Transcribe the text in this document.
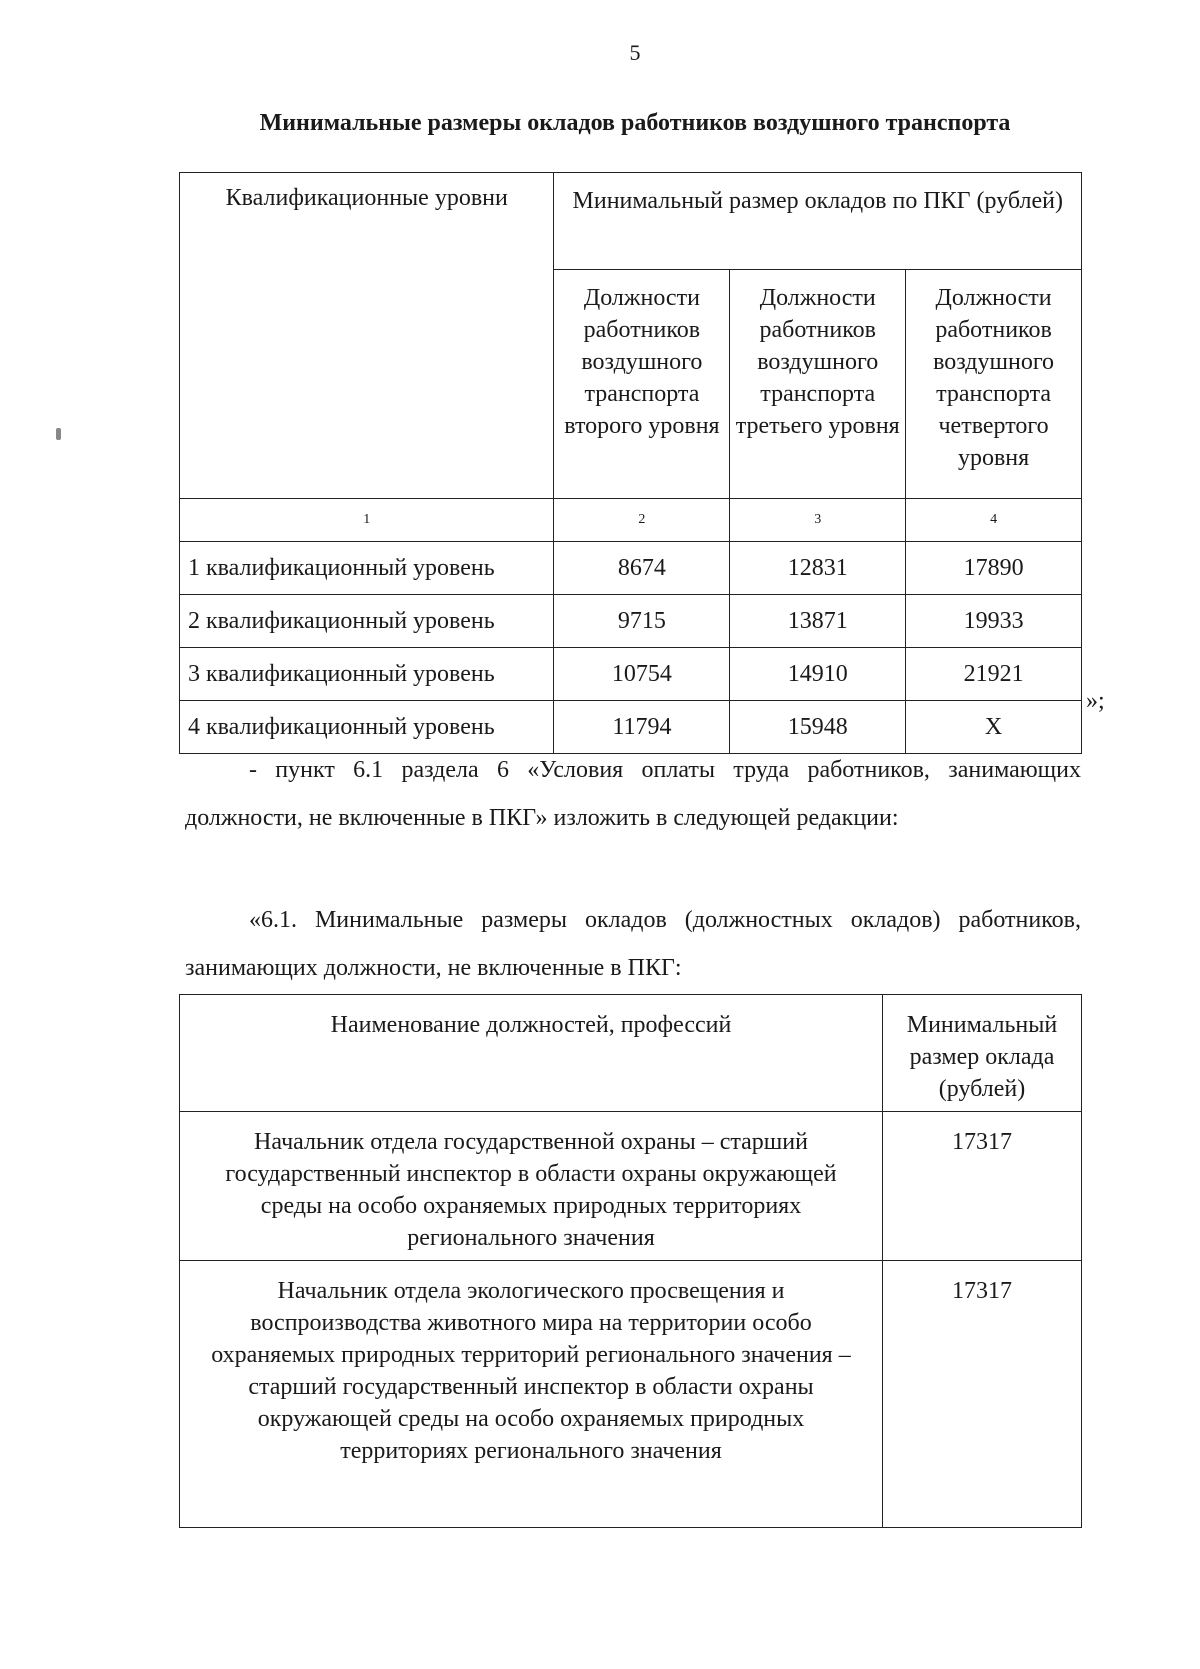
5
Минимальные размеры окладов работников воздушного транспорта
Квалификационные уровни	Минимальный размер окладов по ПКГ (рублей)		
	Должности работников воздушного транспорта второго уровня	Должности работников воздушного транспорта третьего уровня	Должности работников воздушного транспорта четвертого уровня
1	2	3	4
1 квалификационный уровень	8674	12831	17890
2 квалификационный уровень	9715	13871	19933
3 квалификационный уровень	10754	14910	21921
4 квалификационный уровень	11794	15948	Х
»;
- пункт 6.1 раздела 6 «Условия оплаты труда работников, занимающих должности, не включенные в ПКГ» изложить в следующей редакции:
«6.1. Минимальные размеры окладов (должностных окладов) работников, занимающих должности, не включенные в ПКГ:
Наименование должностей, профессий	Минимальный размер оклада (рублей)
Начальник отдела государственной охраны – старший государственный инспектор в области охраны окружающей среды на особо охраняемых природных территориях регионального значения	17317
Начальник отдела экологического просвещения и воспроизводства животного мира на территории особо охраняемых природных территорий регионального значения – старший государственный инспектор в области охраны окружающей среды на особо охраняемых природных территориях регионального значения	17317
